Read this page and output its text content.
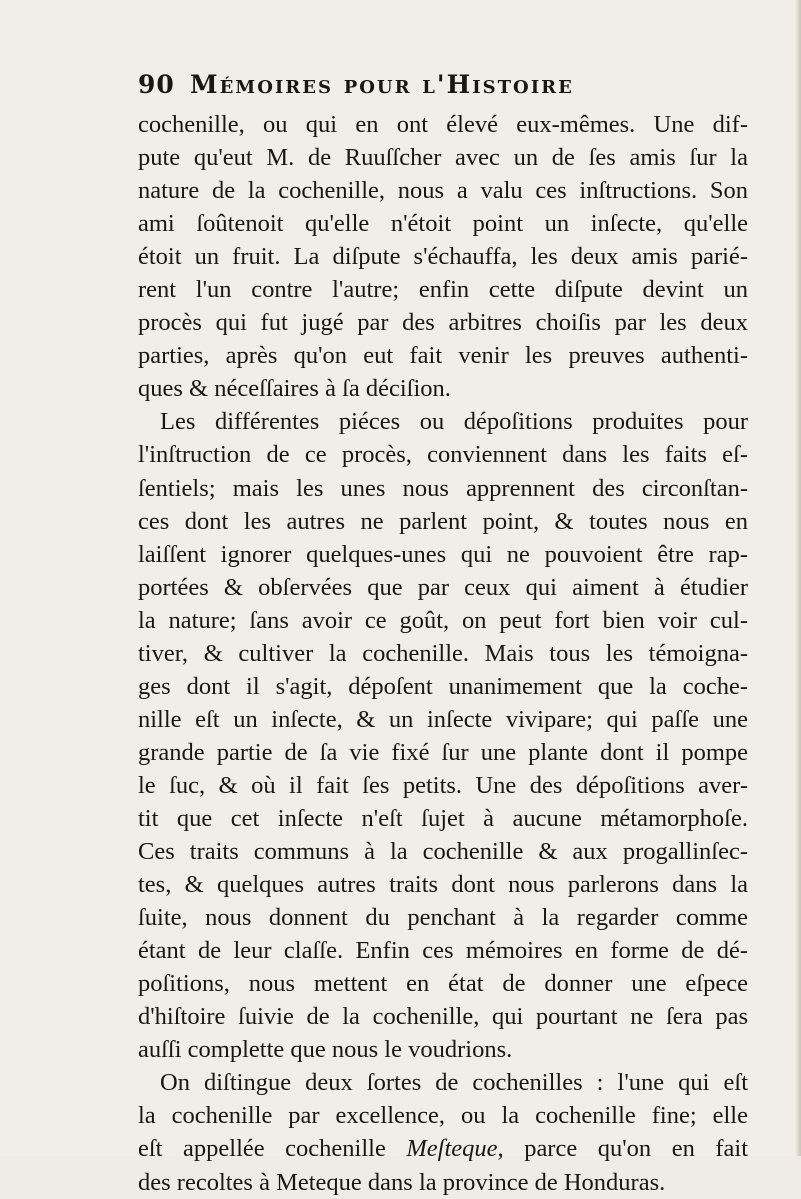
90 Mémoires pour l'Histoire
cochenille, ou qui en ont élevé eux-mêmes. Une dif-
pute qu'eut M. de Ruuſſcher avec un de ſes amis ſur la
nature de la cochenille, nous a valu ces inſtructions. Son
ami ſoûtenoit qu'elle n'étoit point un inſecte, qu'elle
étoit un fruit. La diſpute s'échauffa, les deux amis parié-
rent l'un contre l'autre; enfin cette diſpute devint un
procès qui fut jugé par des arbitres choiſis par les deux
parties, après qu'on eut fait venir les preuves authenti-
ques & néceſſaires à ſa déciſion.
Les différentes piéces ou dépoſitions produites pour
l'inſtruction de ce procès, conviennent dans les faits eſ-
ſentiels; mais les unes nous apprennent des circonſtan-
ces dont les autres ne parlent point, & toutes nous en
laiſſent ignorer quelques-unes qui ne pouvoient être rap-
portées & obſervées que par ceux qui aiment à étudier
la nature; ſans avoir ce goût, on peut fort bien voir cul-
tiver, & cultiver la cochenille. Mais tous les témoigna-
ges dont il s'agit, dépoſent unanimement que la coche-
nille eſt un inſecte, & un inſecte vivipare; qui paſſe une
grande partie de ſa vie fixé ſur une plante dont il pompe
le ſuc, & où il fait ſes petits. Une des dépoſitions aver-
tit que cet inſecte n'eſt ſujet à aucune métamorphoſe.
Ces traits communs à la cochenille & aux progallinſec-
tes, & quelques autres traits dont nous parlerons dans la
ſuite, nous donnent du penchant à la regarder comme
étant de leur claſſe. Enfin ces mémoires en forme de dé-
poſitions, nous mettent en état de donner une eſpece
d'hiſtoire ſuivie de la cochenille, qui pourtant ne ſera pas
auſſi complette que nous le voudrions.
On diſtingue deux ſortes de cochenilles : l'une qui eſt
la cochenille par excellence, ou la cochenille fine; elle
eſt appellée cochenille Meſteque, parce qu'on en fait
des recoltes à Meteque dans la province de Honduras.
